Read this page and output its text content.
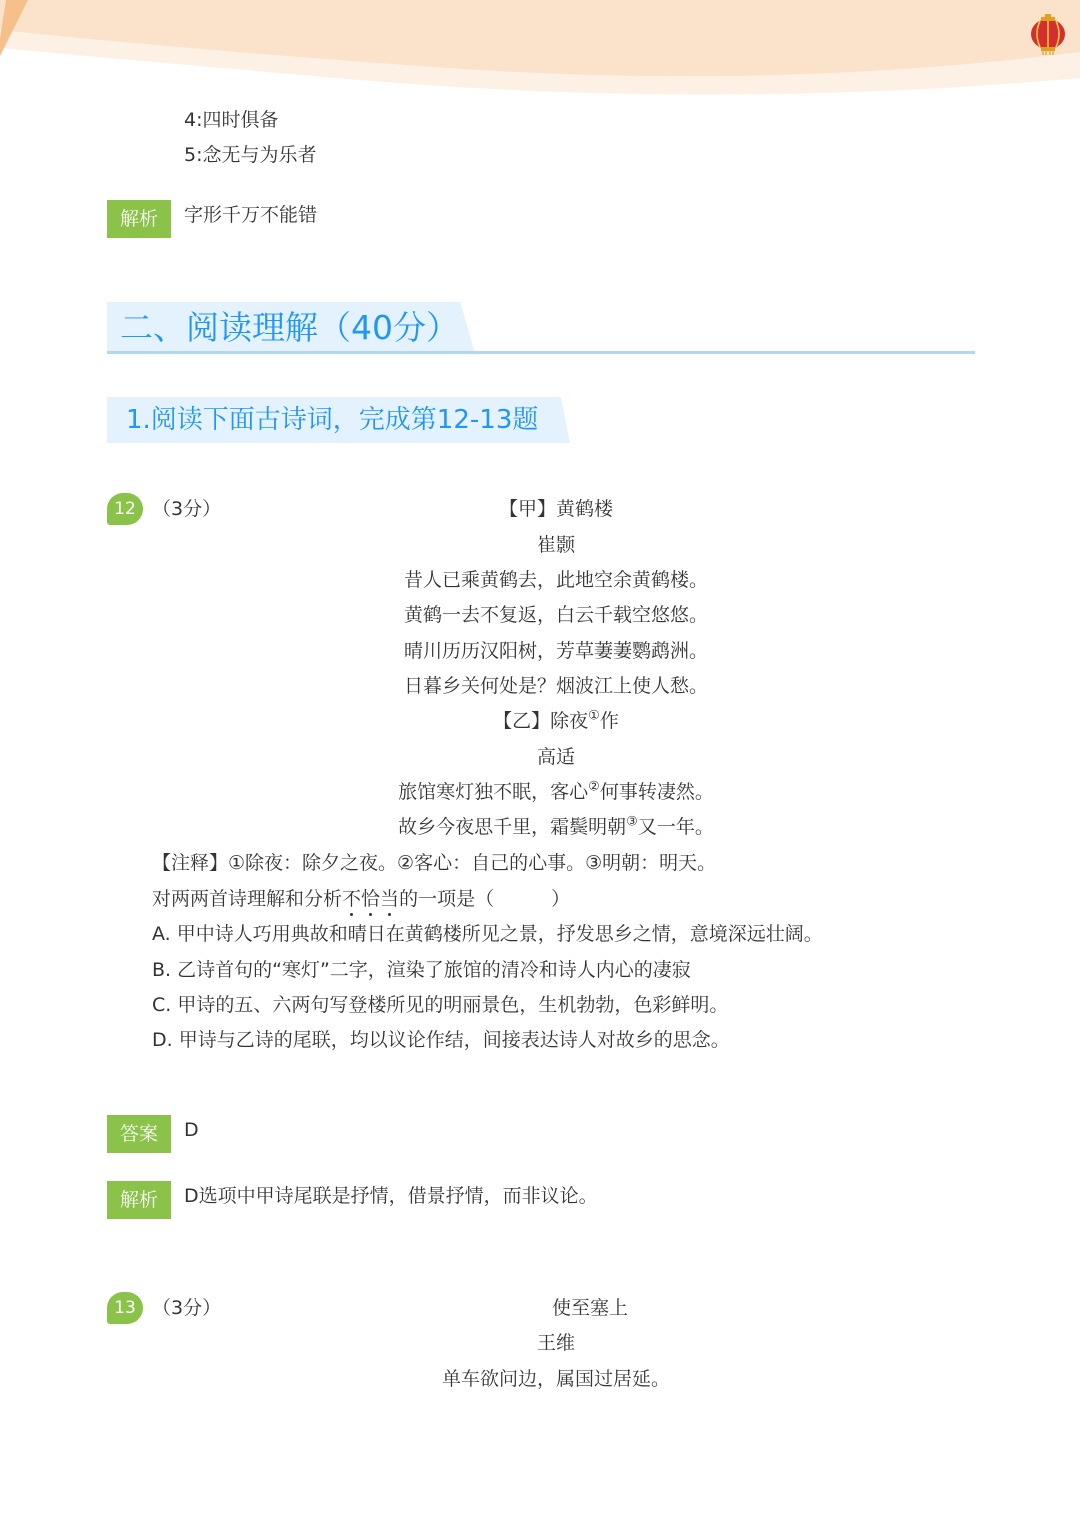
4:四时俱备
5:念无与为乐者
解析	字形千万不能错
二、阅读理解（40分）
1.阅读下面古诗词，完成第12-13题
12 （3分）	【甲】黄鹤楼
崔颢
昔人已乘黄鹤去，此地空余黄鹤楼。
黄鹤一去不复返，白云千载空悠悠。
晴川历历汉阳树，芳草萋萋鹦鹉洲。
日暮乡关何处是？烟波江上使人愁。
【乙】除夜①作
高适
旅馆寒灯独不眠，客心②何事转凄然。
故乡今夜思千里，霜鬓明朝③又一年。
【注释】①除夜：除夕之夜。②客心：自己的心事。③明朝：明天。
对两两首诗理解和分析不恰当的一项是（　　　）
A. 甲中诗人巧用典故和晴日在黄鹤楼所见之景，抒发思乡之情，意境深远壮阔。
B. 乙诗首句的“寒灯”二字，渲染了旅馆的清冷和诗人内心的凄寂
C. 甲诗的五、六两句写登楼所见的明丽景色，生机勃勃，色彩鲜明。
D. 甲诗与乙诗的尾联，均以议论作结，间接表达诗人对故乡的思念。
答案	D
解析	D选项中甲诗尾联是抒情，借景抒情，而非议论。
13 （3分）	使至塞上
王维
单车欲问边，属国过居延。
